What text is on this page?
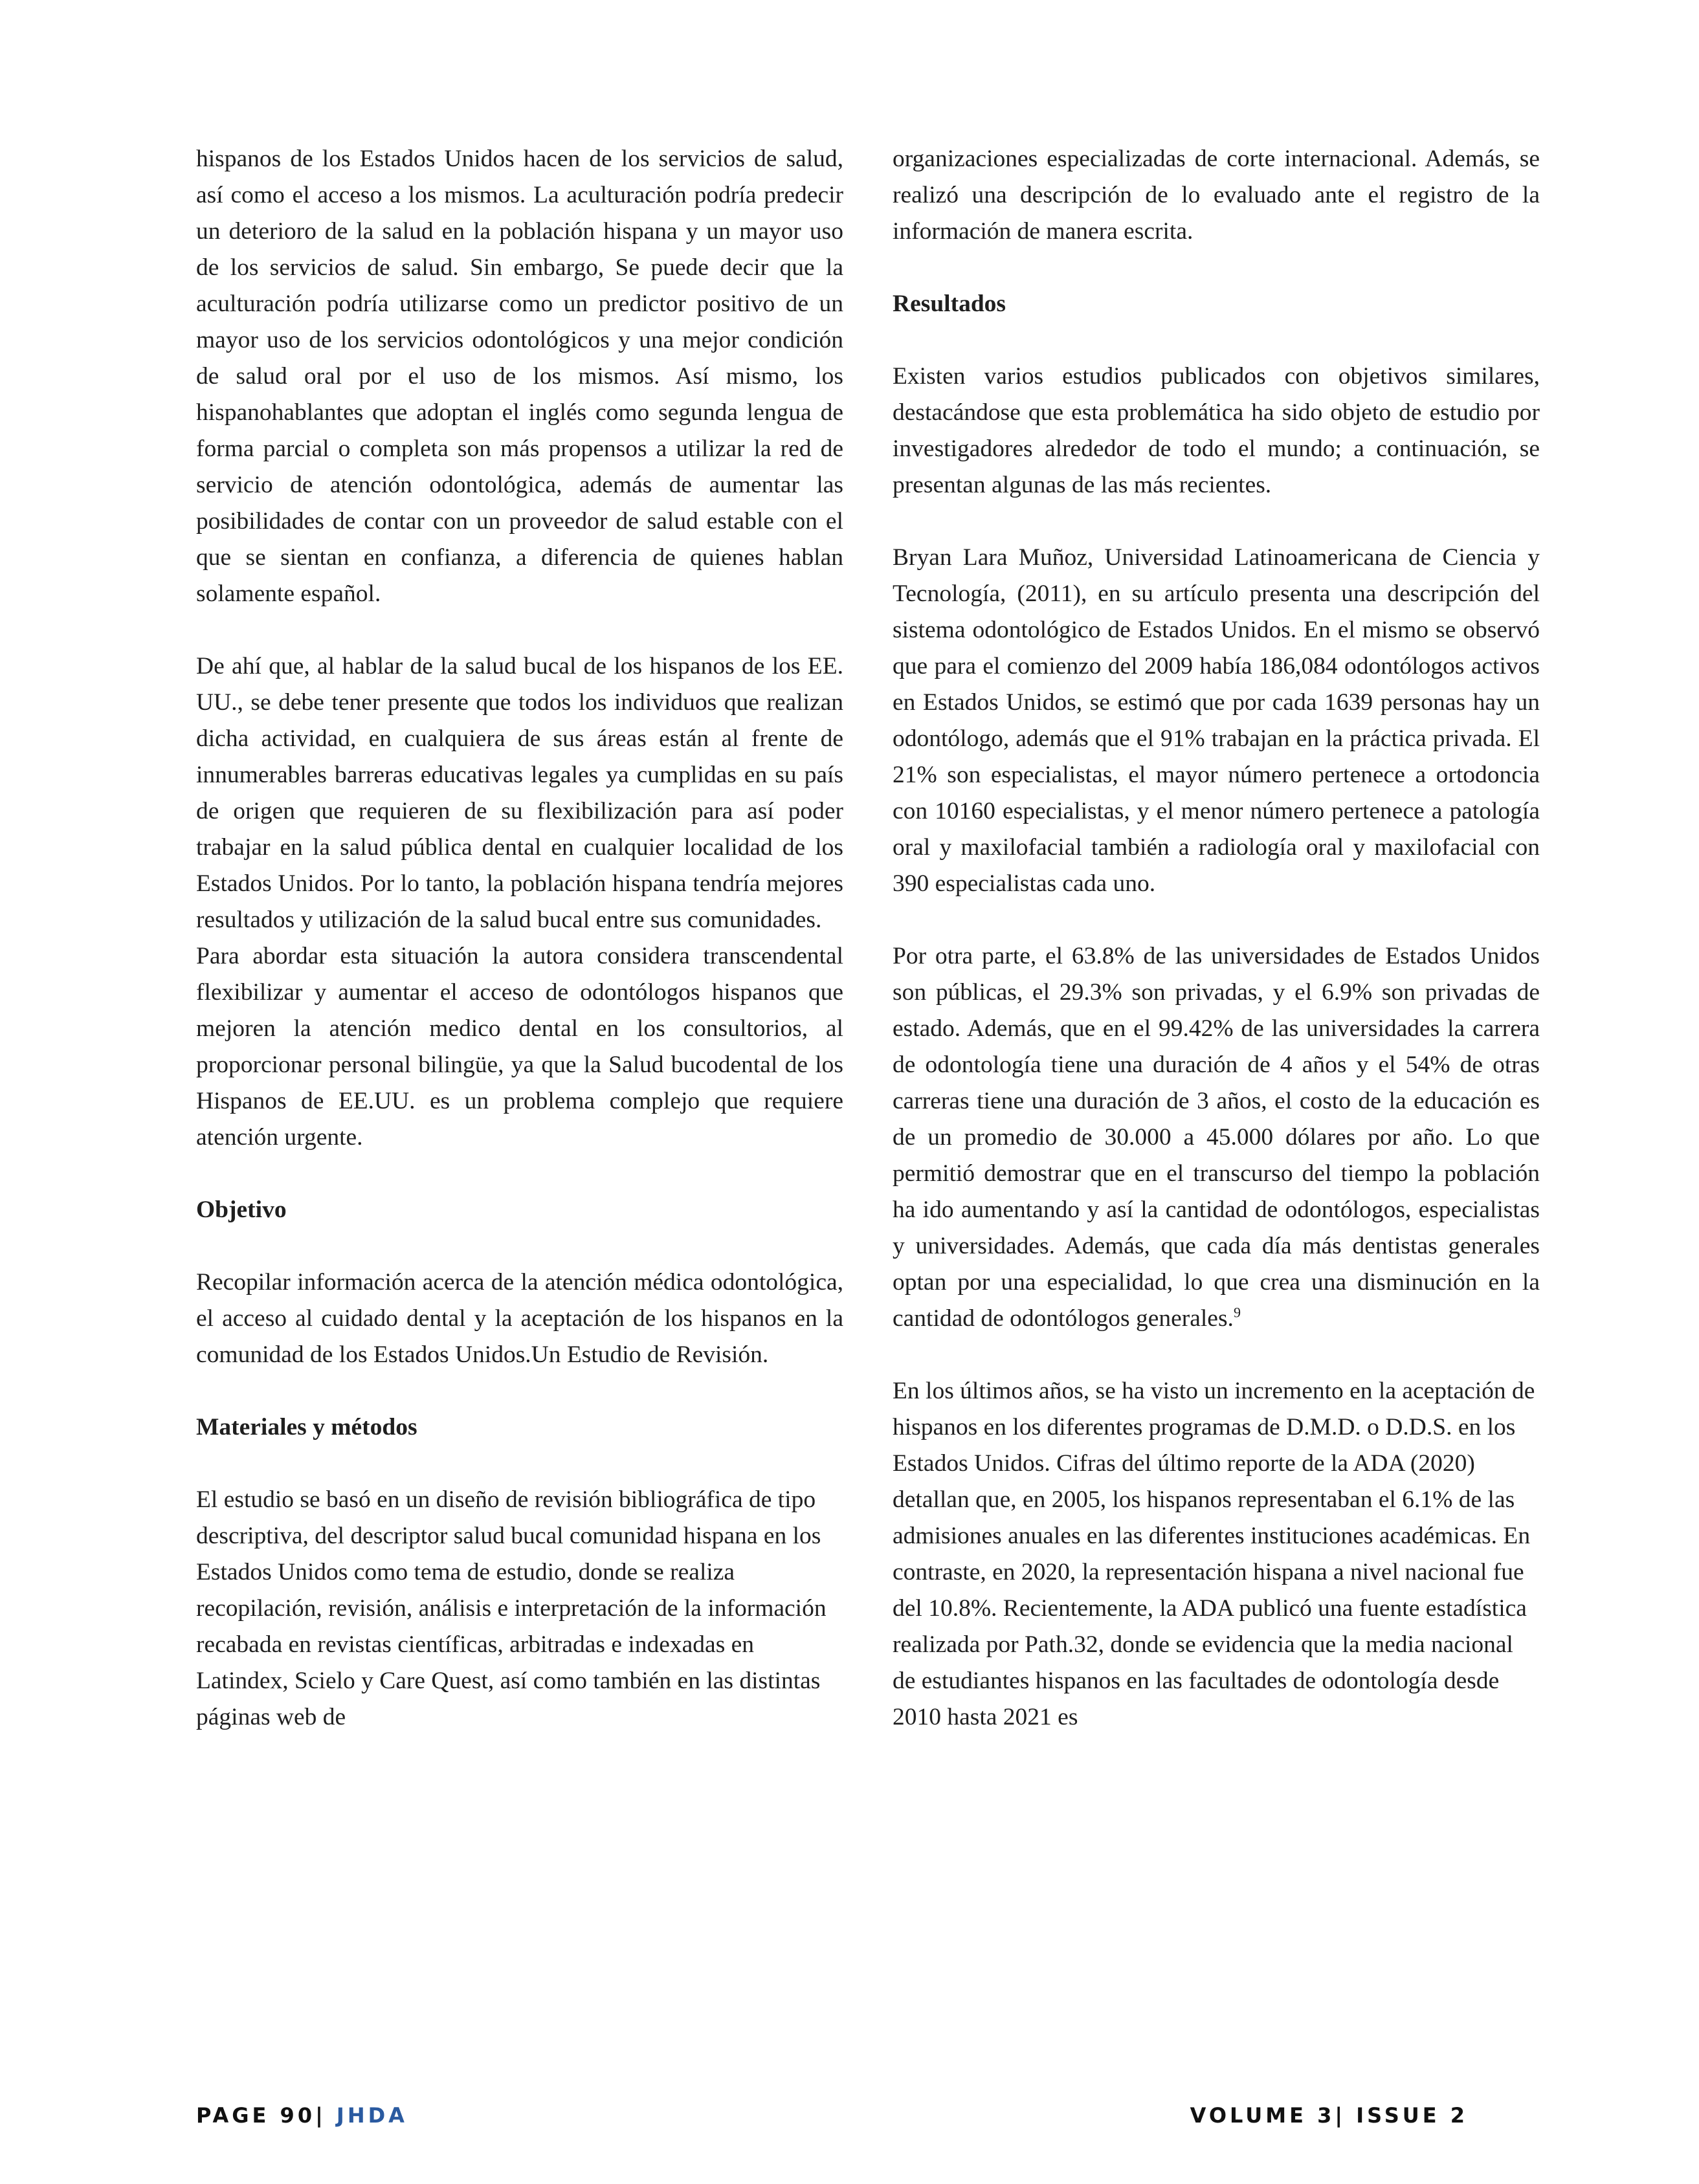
hispanos de los Estados Unidos hacen de los servicios de salud, así como el acceso a los mismos. La aculturación podría predecir un deterioro de la salud en la población hispana y un mayor uso de los servicios de salud. Sin embargo, Se puede decir que la aculturación podría utilizarse como un predictor positivo de un mayor uso de los servicios odontológicos y una mejor condición de salud oral por el uso de los mismos. Así mismo, los hispanohablantes que adoptan el inglés como segunda lengua de forma parcial o completa son más propensos a utilizar la red de servicio de atención odontológica, además de aumentar las posibilidades de contar con un proveedor de salud estable con el que se sientan en confianza, a diferencia de quienes hablan solamente español.

De ahí que, al hablar de la salud bucal de los hispanos de los EE. UU., se debe tener presente que todos los individuos que realizan dicha actividad, en cualquiera de sus áreas están al frente de innumerables barreras educativas legales ya cumplidas en su país de origen que requieren de su flexibilización para así poder trabajar en la salud pública dental en cualquier localidad de los Estados Unidos. Por lo tanto, la población hispana tendría mejores resultados y utilización de la salud bucal entre sus comunidades.

Para abordar esta situación la autora considera transcendental flexibilizar y aumentar el acceso de odontólogos hispanos que mejoren la atención medico dental en los consultorios, al proporcionar personal bilingüe, ya que la Salud bucodental de los Hispanos de EE.UU. es un problema complejo que requiere atención urgente.

Objetivo

Recopilar información acerca de la atención médica odontológica, el acceso al cuidado dental y la aceptación de los hispanos en la comunidad de los Estados Unidos.Un Estudio de Revisión.

Materiales y métodos

El estudio se basó en un diseño de revisión bibliográfica de tipo descriptiva, del descriptor salud bucal comunidad hispana en los Estados Unidos como tema de estudio, donde se realiza recopilación, revisión, análisis e interpretación de la información recabada en revistas científicas, arbitradas e indexadas en Latindex, Scielo y Care Quest, así como también en las distintas páginas web de

organizaciones especializadas de corte internacional. Además, se realizó una descripción de lo evaluado ante el registro de la información de manera escrita.

Resultados

Existen varios estudios publicados con objetivos similares, destacándose que esta problemática ha sido objeto de estudio por investigadores alrededor de todo el mundo; a continuación, se presentan algunas de las más recientes.

Bryan Lara Muñoz, Universidad Latinoamericana de Ciencia y Tecnología, (2011), en su artículo presenta una descripción del sistema odontológico de Estados Unidos. En el mismo se observó que para el comienzo del 2009 había 186,084 odontólogos activos en Estados Unidos, se estimó que por cada 1639 personas hay un odontólogo, además que el 91% trabajan en la práctica privada. El 21% son especialistas, el mayor número pertenece a ortodoncia con 10160 especialistas, y el menor número pertenece a patología oral y maxilofacial también a radiología oral y maxilofacial con 390 especialistas cada uno.

Por otra parte, el 63.8% de las universidades de Estados Unidos son públicas, el 29.3% son privadas, y el 6.9% son privadas de estado. Además, que en el 99.42% de las universidades la carrera de odontología tiene una duración de 4 años y el 54% de otras carreras tiene una duración de 3 años, el costo de la educación es de un promedio de 30.000 a 45.000 dólares por año. Lo que permitió demostrar que en el transcurso del tiempo la población ha ido aumentando y así la cantidad de odontólogos, especialistas y universidades. Además, que cada día más dentistas generales optan por una especialidad, lo que crea una disminución en la cantidad de odontólogos generales.$^9$

En los últimos años, se ha visto un incremento en la aceptación de hispanos en los diferentes programas de D.M.D. o D.D.S. en los Estados Unidos. Cifras del último reporte de la ADA (2020) detallan que, en 2005, los hispanos representaban el 6.1% de las admisiones anuales en las diferentes instituciones académicas. En contraste, en 2020, la representación hispana a nivel nacional fue del 10.8%. Recientemente, la ADA publicó una fuente estadística realizada por Path.32, donde se evidencia que la media nacional de estudiantes hispanos en las facultades de odontología desde 2010 hasta 2021 es

PAGE 90| JHDA	VOLUME 3| ISSUE 2
